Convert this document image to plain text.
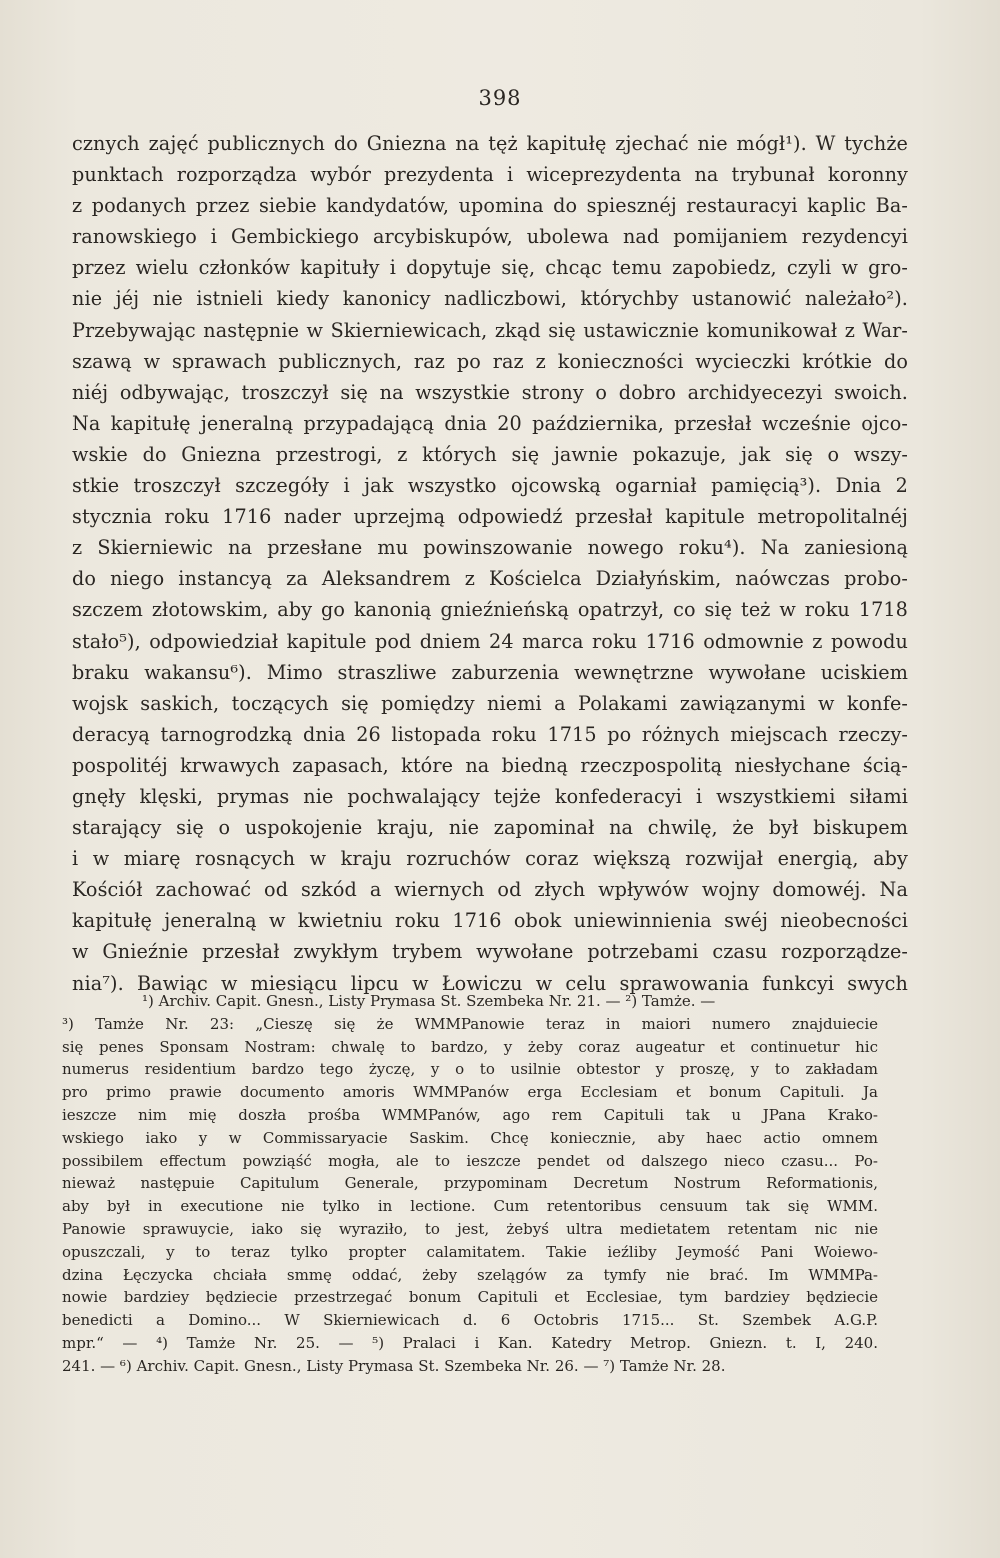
398
cznych zajęć publicznych do Gniezna na tęż kapitułę zjechać nie mógł¹). W tychże
punktach rozporządza wybór prezydenta i wiceprezydenta na trybunał koronny
z podanych przez siebie kandydatów, upomina do spiesznéj restauracyi kaplic Ba-
ranowskiego i Gembickiego arcybiskupów, ubolewa nad pomijaniem rezydencyi
przez wielu członków kapituły i dopytuje się, chcąc temu zapobiedz, czyli w gro-
nie jéj nie istnieli kiedy kanonicy nadliczbowi, którychby ustanowić należało²).
Przebywając następnie w Skierniewicach, zkąd się ustawicznie komunikował z War-
szawą w sprawach publicznych, raz po raz z konieczności wycieczki krótkie do
niéj odbywając, troszczył się na wszystkie strony o dobro archidyecezyi swoich.
Na kapitułę jeneralną przypadającą dnia 20 października, przesłał wcześnie ojco-
wskie do Gniezna przestrogi, z których się jawnie pokazuje, jak się o wszy-
stkie troszczył szczegóły i jak wszystko ojcowską ogarniał pamięcią³). Dnia 2
stycznia roku 1716 nader uprzejmą odpowiedź przesłał kapitule metropolitalnéj
z Skierniewic na przesłane mu powinszowanie nowego roku⁴). Na zaniesioną
do niego instancyą za Aleksandrem z Kościelca Działyńskim, naówczas probo-
szczem złotowskim, aby go kanonią gnieźnieńską opatrzył, co się też w roku 1718
stało⁵), odpowiedział kapitule pod dniem 24 marca roku 1716 odmownie z powodu
braku wakansu⁶). Mimo straszliwe zaburzenia wewnętrzne wywołane uciskiem
wojsk saskich, toczących się pomiędzy niemi a Polakami zawiązanymi w konfe-
deracyą tarnogrodzką dnia 26 listopada roku 1715 po różnych miejscach rzeczy-
pospolitéj krwawych zapasach, które na biedną rzeczpospolitą niesłychane ścią-
gnęły klęski, prymas nie pochwalający tejże konfederacyi i wszystkiemi siłami
starający się o uspokojenie kraju, nie zapominał na chwilę, że był biskupem
i w miarę rosnących w kraju rozruchów coraz większą rozwijał energią, aby
Kościół zachować od szkód a wiernych od złych wpływów wojny domowéj. Na
kapitułę jeneralną w kwietniu roku 1716 obok uniewinnienia swéj nieobecności
w Gnieźnie przesłał zwykłym trybem wywołane potrzebami czasu rozporządze-
nia⁷). Bawiąc w miesiącu lipcu w Łowiczu w celu sprawowania funkcyi swych
¹) Archiv. Capit. Gnesn., Listy Prymasa St. Szembeka Nr. 21. — ²) Tamże. —
³) Tamże Nr. 23: „Cieszę się że WMMPanowie teraz in maiori numero znajduiecie
się penes Sponsam Nostram: chwalę to bardzo, y żeby coraz augeatur et continuetur hic
numerus residentium bardzo tego życzę, y o to usilnie obtestor y proszę, y to zakładam
pro primo prawie documento amoris WMMPanów erga Ecclesiam et bonum Capituli. Ja
ieszcze nim mię doszła prośba WMMPanów, ago rem Capituli tak u JPana Krako-
wskiego iako y w Commissaryacie Saskim. Chcę koniecznie, aby haec actio omnem
possibilem effectum powziąść mogła, ale to ieszcze pendet od dalszego nieco czasu... Po-
nieważ następuie Capitulum Generale, przypominam Decretum Nostrum Reformationis,
aby był in executione nie tylko in lectione. Cum retentoribus censuum tak się WMM.
Panowie sprawuycie, iako się wyraziło, to jest, żebyś ultra medietatem retentam nic nie
opuszczali, y to teraz tylko propter calamitatem. Takie ieźliby Jeymość Pani Woiewo-
dzina Łęczycka chciała smmę oddać, żeby szelągów za tymfy nie brać. Im WMMPa-
nowie bardziey będziecie przestrzegać bonum Capituli et Ecclesiae, tym bardziey będziecie
benedicti a Domino... W Skierniewicach d. 6 Octobris 1715... St. Szembek A.G.P.
mpr.“ — ⁴) Tamże Nr. 25. — ⁵) Pralaci i Kan. Katedry Metrop. Gniezn. t. I, 240.
241. — ⁶) Archiv. Capit. Gnesn., Listy Prymasa St. Szembeka Nr. 26. — ⁷) Tamże Nr. 28.
